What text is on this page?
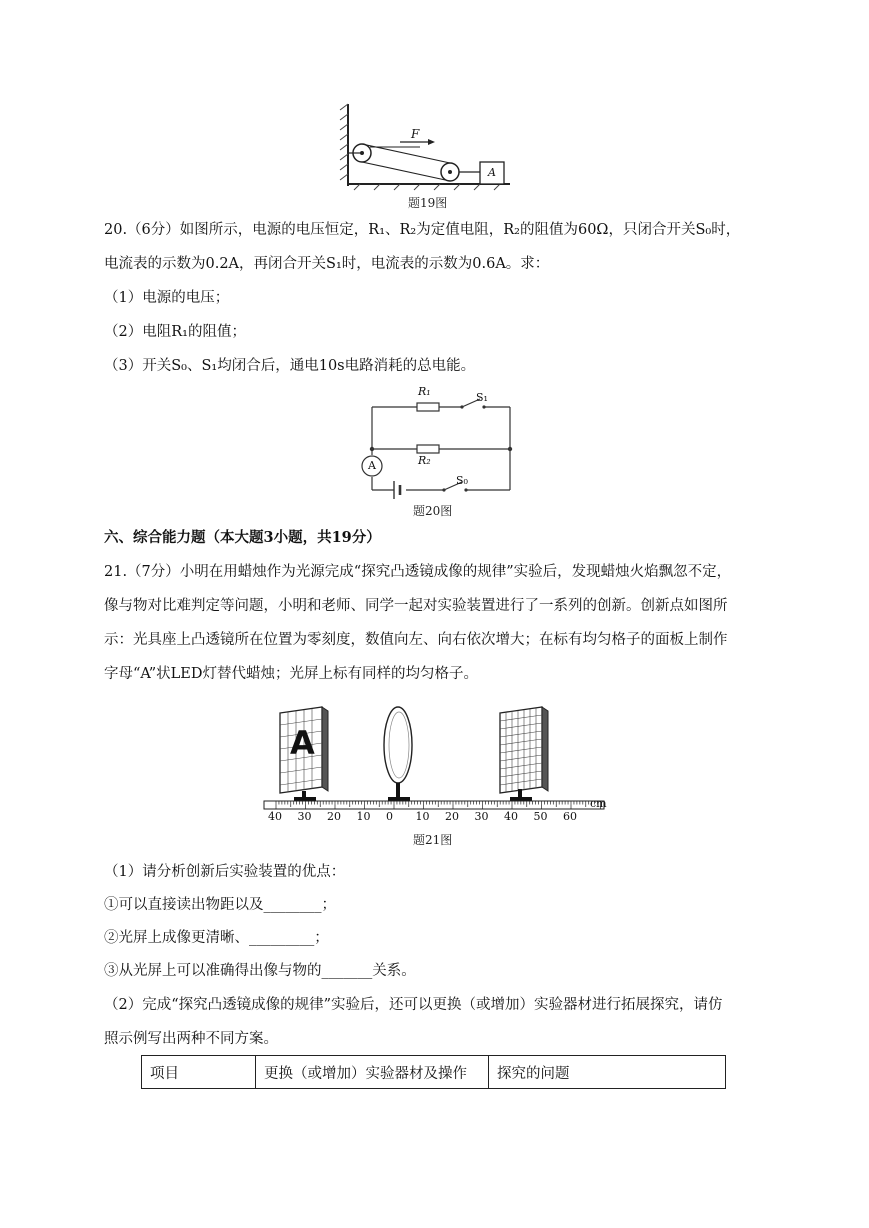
F
A
题19图
20.（6分）如图所示，电源的电压恒定，R₁、R₂为定值电阻，R₂的阻值为60Ω，只闭合开关S₀时，
电流表的示数为0.2A，再闭合开关S₁时，电流表的示数为0.6A。求：
（1）电源的电压；
（2）电阻R₁的阻值；
（3）开关S₀、S₁均闭合后，通电10s电路消耗的总电能。
R₁	S₁
R₂
S₀
A
题20图
六、综合能力题（本大题3小题，共19分）
21.（7分）小明在用蜡烛作为光源完成“探究凸透镜成像的规律”实验后，发现蜡烛火焰飘忽不定，
像与物对比难判定等问题，小明和老师、同学一起对实验装置进行了一系列的创新。创新点如图所
示：光具座上凸透镜所在位置为零刻度，数值向左、向右依次增大；在标有均匀格子的面板上制作
字母“A”状LED灯替代蜡烛；光屏上标有同样的均匀格子。
A
cm
40 30 20 10 0 10 20 30 40 50 60
题21图
（1）请分析创新后实验装置的优点：
①可以直接读出物距以及________；
②光屏上成像更清晰、_________；
③从光屏上可以准确得出像与物的_______关系。
（2）完成“探究凸透镜成像的规律”实验后，还可以更换（或增加）实验器材进行拓展探究，请仿
照示例写出两种不同方案。
项目	更换（或增加）实验器材及操作	探究的问题
